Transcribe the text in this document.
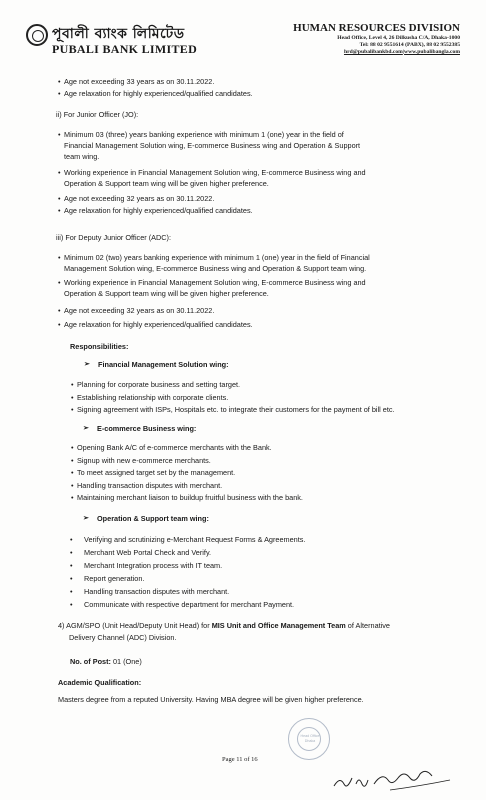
পূবালী ব্যাংক লিমিটেড
PUBALI BANK LIMITED
HUMAN RESOURCES DIVISION
Head Office, Level 4, 26 Dilkusha C/A, Dhaka-1000
Tel: 88 02 9551614 (PABX), 88 02 9552385
hrd@pubalibankbd.com|www.pubalibangla.com
• Age not exceeding 33 years as on 30.11.2022.
• Age relaxation for highly experienced/qualified candidates.
ii) For Junior Officer (JO):
• Minimum 03 (three) years banking experience with minimum 1 (one) year in the field of
Financial Management Solution wing, E-commerce Business wing and Operation & Support
team wing.
• Working experience in Financial Management Solution wing, E-commerce Business wing and
Operation & Support team wing will be given higher preference.
• Age not exceeding 32 years as on 30.11.2022.
• Age relaxation for highly experienced/qualified candidates.
iii) For Deputy Junior Officer (ADC):
• Minimum 02 (two) years banking experience with minimum 1 (one) year in the field of Financial
Management Solution wing, E-commerce Business wing and Operation & Support team wing.
• Working experience in Financial Management Solution wing, E-commerce Business wing and
Operation & Support team wing will be given higher preference.
• Age not exceeding 32 years as on 30.11.2022.
• Age relaxation for highly experienced/qualified candidates.
Responsibilities:
➢ Financial Management Solution wing:
• Planning for corporate business and setting target.
• Establishing relationship with corporate clients.
• Signing agreement with ISPs, Hospitals etc. to integrate their customers for the payment of bill etc.
➢ E-commerce Business wing:
• Opening Bank A/C of e-commerce merchants with the Bank.
• Signup with new e-commerce merchants.
• To meet assigned target set by the management.
• Handling transaction disputes with merchant.
• Maintaining merchant liaison to buildup fruitful business with the bank.
➢ Operation & Support team wing:
• Verifying and scrutinizing e-Merchant Request Forms & Agreements.
• Merchant Web Portal Check and Verify.
• Merchant Integration process with IT team.
• Report generation.
• Handling transaction disputes with merchant.
• Communicate with respective department for merchant Payment.
4) AGM/SPO (Unit Head/Deputy Unit Head) for MIS Unit and Office Management Team of Alternative
Delivery Channel (ADC) Division.
No. of Post: 01 (One)
Academic Qualification:
Masters degree from a reputed University. Having MBA degree will be given higher preference.
Head Office Dhaka
Page 11 of 16
